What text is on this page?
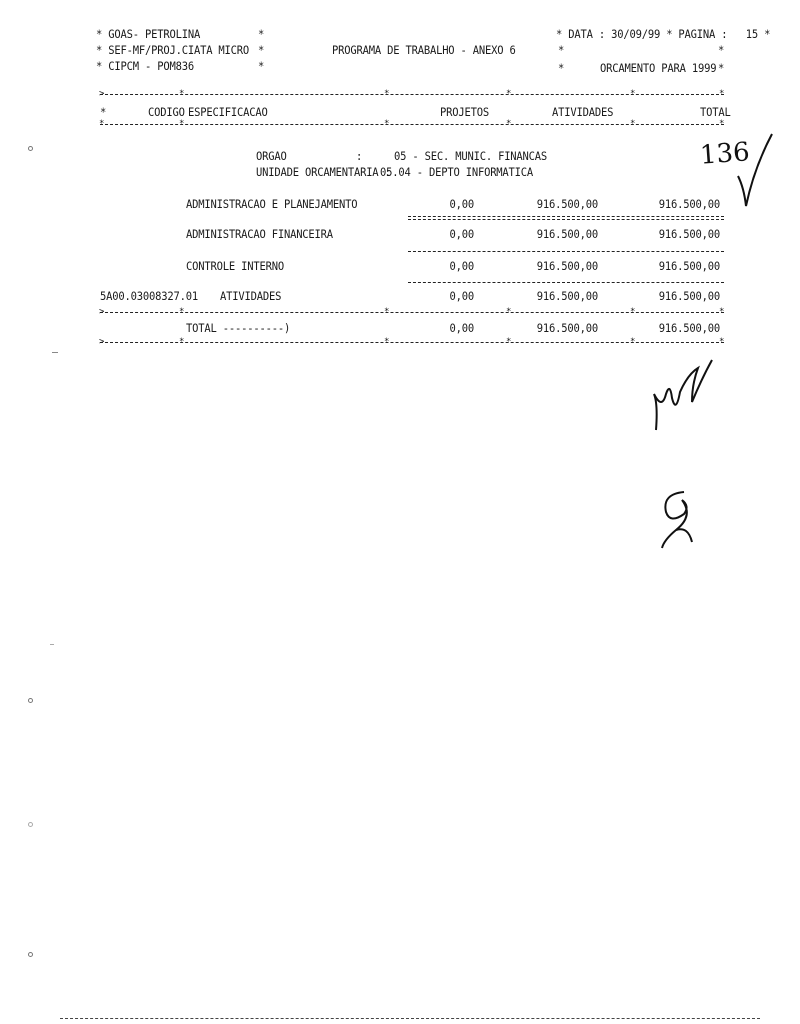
* GOAS- PETROLINA
* SEF-MF/PROJ.CIATA MICRO
* CIPCM - POM836
*
*
*
PROGRAMA DE TRABALHO - ANEXO 6
* DATA : 30/09/99 * PAGINA :   15 *
*	*
*	ORCAMENTO PARA 1999 *
>	*	*	*	*	*
*	*	*	*	*	*
*	CODIGO ESPECIFICACAO	PROJETOS	ATIVIDADES	TOTAL
ORGAO	:	05 - SEC. MUNIC. FINANCAS
UNIDADE ORCAMENTARIA :
05.04 - DEPTO INFORMATICA
ADMINISTRACAO E PLANEJAMENTO	0,00	916.500,00	916.500,00
ADMINISTRACAO FINANCEIRA	0,00	916.500,00	916.500,00
CONTROLE INTERNO	0,00	916.500,00	916.500,00
5A00.03008327.01 ATIVIDADES	0,00	916.500,00	916.500,00
>	*	*	*	*	*
TOTAL ----------)	0,00	916.500,00	916.500,00
>	*	*	*	*	*
136
